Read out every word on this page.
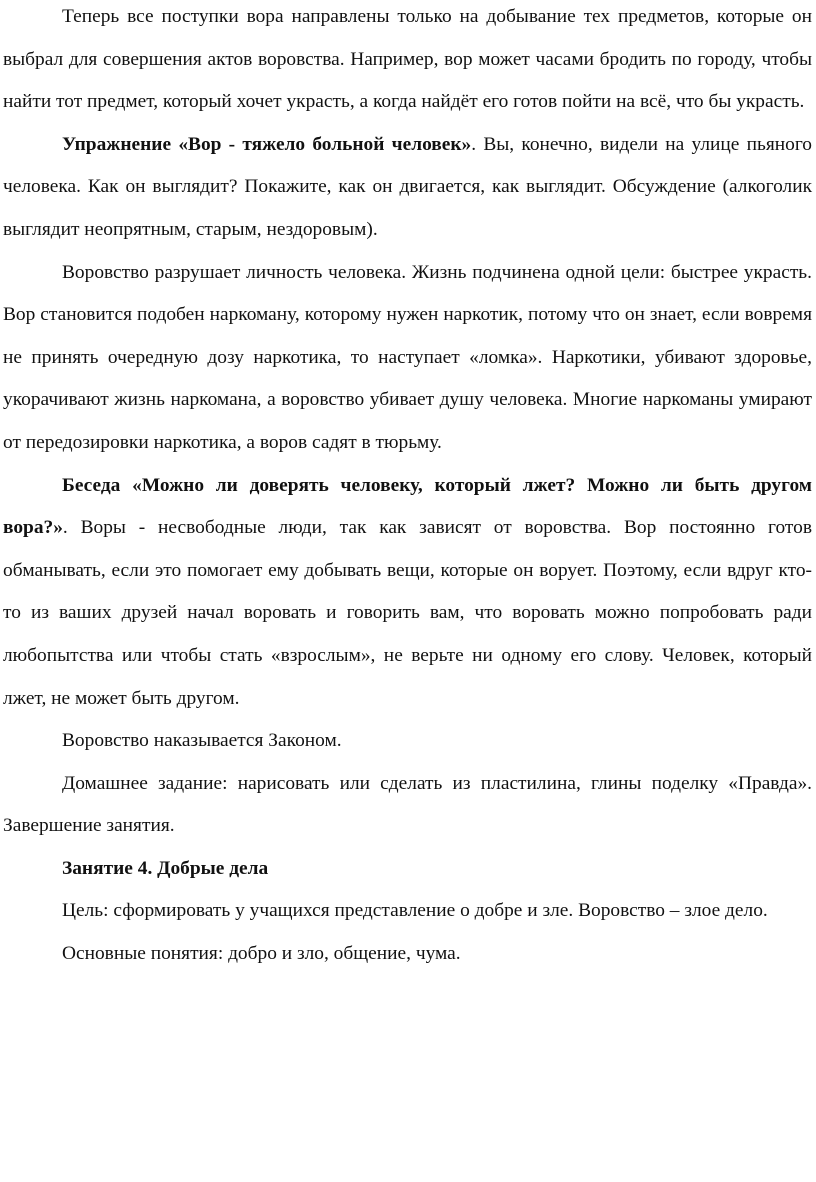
Теперь все поступки вора направлены только на добывание тех предметов, которые он выбрал для совершения актов воровства. Например, вор может часами бродить по городу, чтобы найти тот предмет, который хочет украсть, а когда найдёт его готов пойти на всё, что бы украсть.

Упражнение «Вор - тяжело больной человек». Вы, конечно, видели на улице пьяного человека. Как он выглядит? Покажите, как он двигается, как выглядит. Обсуждение (алкоголик выглядит неопрятным, старым, нездоровым).

Воровство разрушает личность человека. Жизнь подчинена одной цели: быстрее украсть. Вор становится подобен наркоману, которому нужен наркотик, потому что он знает, если вовремя не принять очередную дозу наркотика, то наступает «ломка». Наркотики, убивают здоровье, укорачивают жизнь наркомана, а воровство убивает душу человека. Многие наркоманы умирают от передозировки наркотика, а воров садят в тюрьму.

Беседа «Можно ли доверять человеку, который лжет? Можно ли быть другом вора?». Воры - несвободные люди, так как зависят от воровства. Вор постоянно готов обманывать, если это помогает ему добывать вещи, которые он ворует. Поэтому, если вдруг кто-то из ваших друзей начал воровать и говорить вам, что воровать можно попробовать ради любопытства или чтобы стать «взрослым», не верьте ни одному его слову. Человек, который лжет, не может быть другом.

Воровство наказывается Законом.

Домашнее задание: нарисовать или сделать из пластилина, глины поделку «Правда». Завершение занятия.

Занятие 4. Добрые дела

Цель: сформировать у учащихся представление о добре и зле. Воровство – злое дело.

Основные понятия: добро и зло, общение, чума.
